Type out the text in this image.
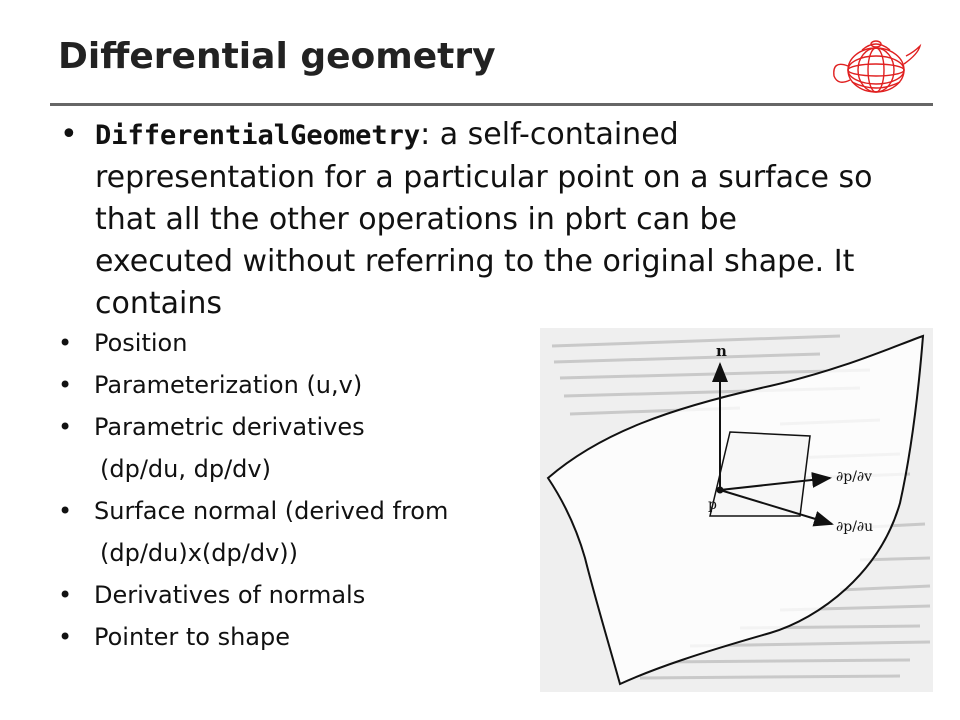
Differential geometry
• DifferentialGeometry: a self-contained representation for a particular point on a surface so that all the other operations in pbrt can be executed without referring to the original shape. It contains
• Position
• Parameterization (u,v)
• Parametric derivatives
(dp/du, dp/dv)
• Surface normal (derived from
(dp/du)x(dp/dv))
• Derivatives of normals
• Pointer to shape
n
p
∂p/∂v
∂p/∂u
